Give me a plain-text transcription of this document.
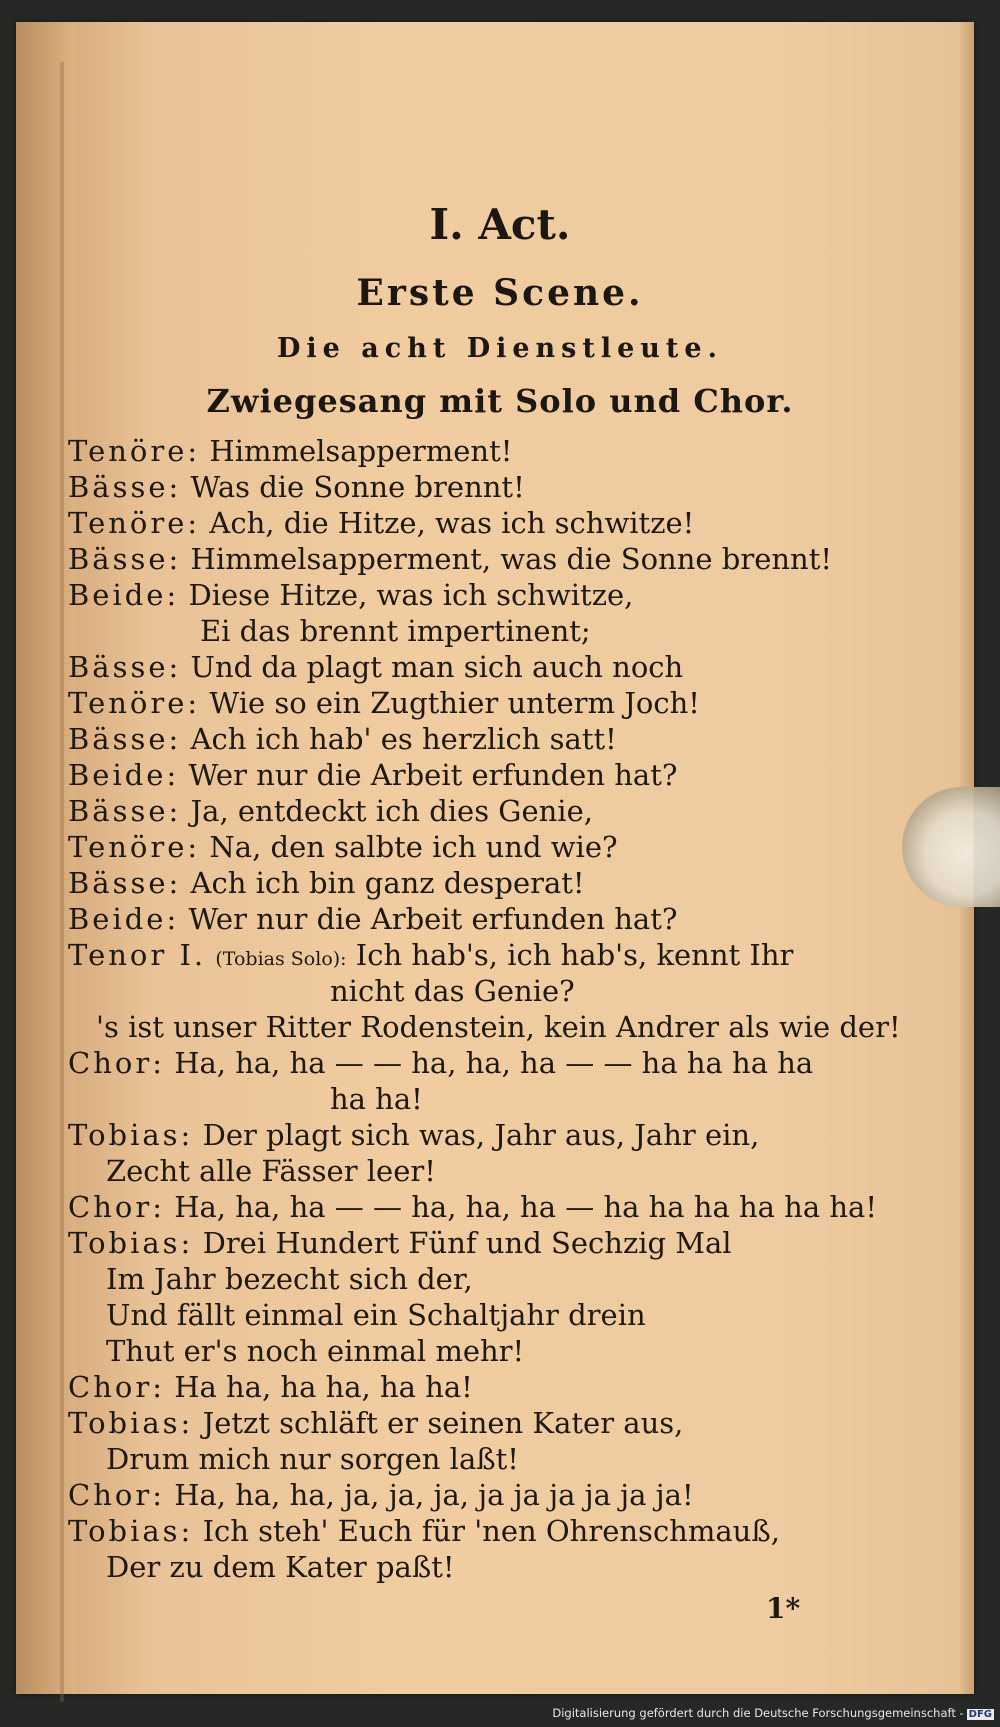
I. Act.
Erste Scene.
Die acht Dienstleute.
Zwiegesang mit Solo und Chor.
Tenöre: Himmelsapperment!
Bässe: Was die Sonne brennt!
Tenöre: Ach, die Hitze, was ich schwitze!
Bässe: Himmelsapperment, was die Sonne brennt!
Beide: Diese Hitze, was ich schwitze,
Ei das brennt impertinent;
Bässe: Und da plagt man sich auch noch
Tenöre: Wie so ein Zugthier unterm Joch!
Bässe: Ach ich hab' es herzlich satt!
Beide: Wer nur die Arbeit erfunden hat?
Bässe: Ja, entdeckt ich dies Genie,
Tenöre: Na, den salbte ich und wie?
Bässe: Ach ich bin ganz desperat!
Beide: Wer nur die Arbeit erfunden hat?
Tenor I. (Tobias Solo): Ich hab's, ich hab's, kennt Ihr
nicht das Genie?
's ist unser Ritter Rodenstein, kein Andrer als wie der!
Chor: Ha, ha, ha — — ha, ha, ha — — ha ha ha ha
ha ha!
Tobias: Der plagt sich was, Jahr aus, Jahr ein,
Zecht alle Fässer leer!
Chor: Ha, ha, ha — — ha, ha, ha — ha ha ha ha ha ha!
Tobias: Drei Hundert Fünf und Sechzig Mal
Im Jahr bezecht sich der,
Und fällt einmal ein Schaltjahr drein
Thut er's noch einmal mehr!
Chor: Ha ha, ha ha, ha ha!
Tobias: Jetzt schläft er seinen Kater aus,
Drum mich nur sorgen laßt!
Chor: Ha, ha, ha, ja, ja, ja, ja ja ja ja ja ja!
Tobias: Ich steh' Euch für 'nen Ohrenschmauß,
Der zu dem Kater paßt!
1*
Digitalisierung gefördert durch die Deutsche Forschungsgemeinschaft - DFG
